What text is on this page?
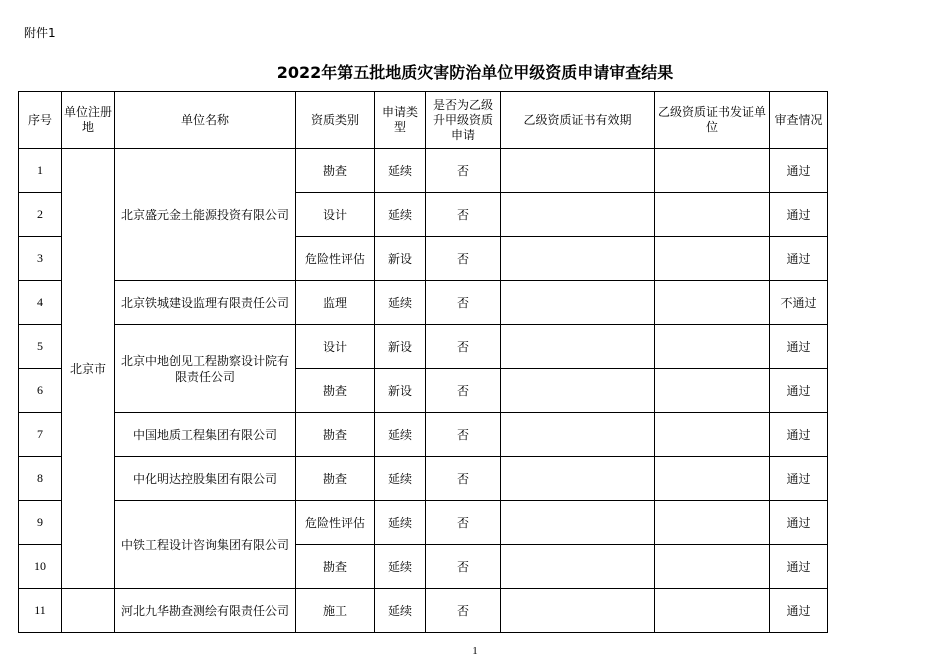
附件1
2022年第五批地质灾害防治单位甲级资质申请审查结果
序号	单位注册地	单位名称	资质类别	申请类型	是否为乙级升甲级资质申请	乙级资质证书有效期	乙级资质证书发证单位	审查情况
1	北京市	北京盛元金土能源投资有限公司	勘查	延续	否			通过
2			设计	延续	否			通过
3			危险性评估	新设	否			通过
4		北京铁城建设监理有限责任公司	监理	延续	否			不通过
5		北京中地创见工程勘察设计院有限责任公司	设计	新设	否			通过
6			勘查	新设	否			通过
7		中国地质工程集团有限公司	勘查	延续	否			通过
8		中化明达控股集团有限公司	勘查	延续	否			通过
9		中铁工程设计咨询集团有限公司	危险性评估	延续	否			通过
10			勘查	延续	否			通过
11		河北九华勘查测绘有限责任公司	施工	延续	否			通过
1
